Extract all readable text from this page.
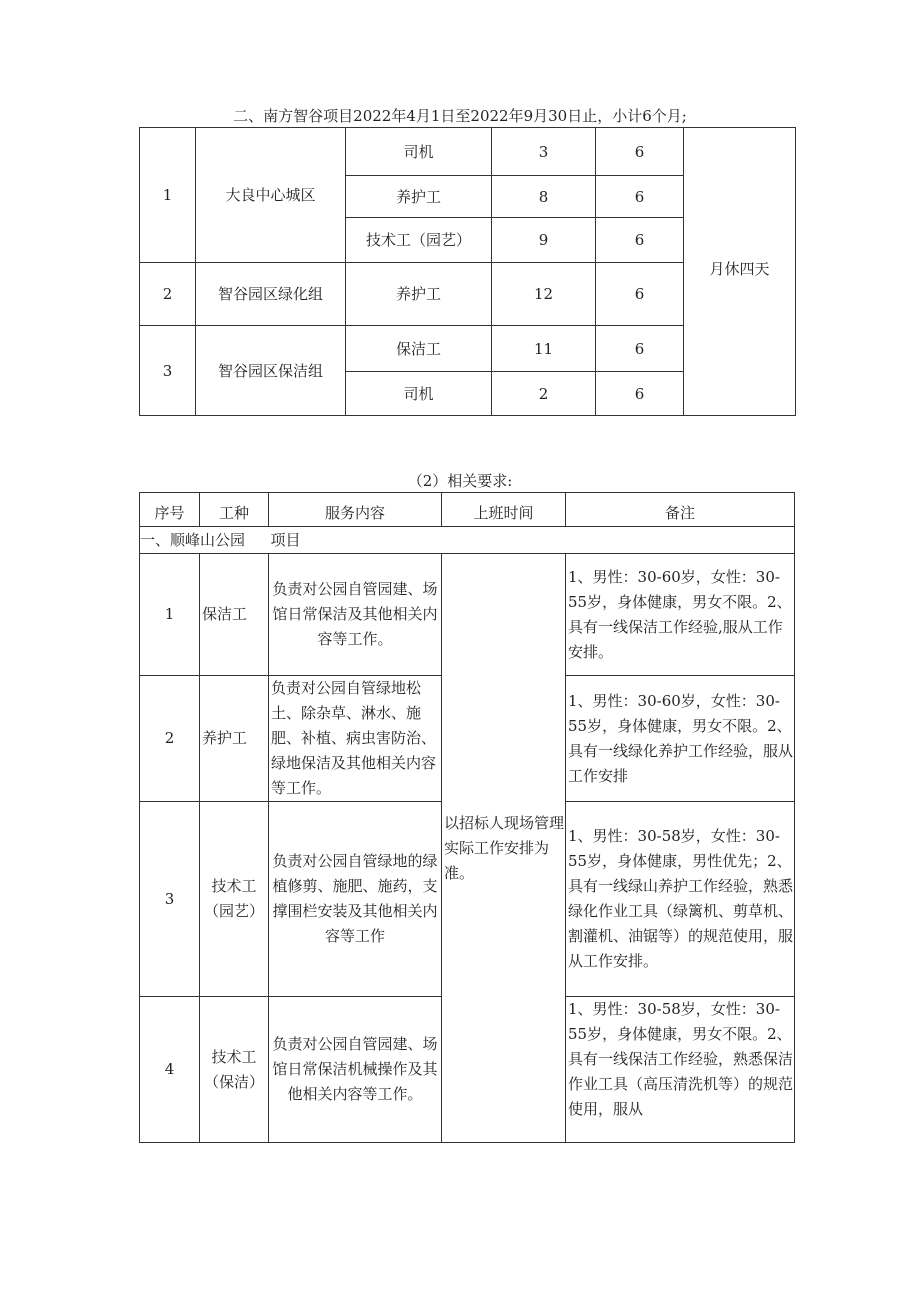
二、南方智谷项目2022年4月1日至2022年9月30日止，小计6个月;
1	大良中心城区	司机	3	6	月休四天
		养护工	8	6	
		技术工（园艺）	9	6	
2	智谷园区绿化组	养护工	12	6	
3	智谷园区保洁组	保洁工	11	6	
		司机	2	6	
（2）相关要求:
序号	工种	服务内容	上班时间	备注
一、顺峰山公园		项目		
1	保洁工	负责对公园自管园建、场馆日常保洁及其他相关内容等工作。	以招标人现场管理实际工作安排为准。	1、男性：30-60岁，女性：30-55岁，身体健康，男女不限。2、具有一线保洁工作经验,服从工作安排。
2	养护工	负责对公园自管绿地松土、除杂草、淋水、施肥、补植、病虫害防治、绿地保洁及其他相关内容等工作。		1、男性：30-60岁，女性：30-55岁，身体健康，男女不限。2、具有一线绿化养护工作经验，服从工作安排
3	技术工（园艺）	负责对公园自管绿地的绿植修剪、施肥、施药，支撑围栏安装及其他相关内容等工作		1、男性：30-58岁，女性：30-55岁，身体健康，男性优先；2、具有一线绿山养护工作经验，熟悉绿化作业工具（绿篱机、剪草机、割灌机、油锯等）的规范使用，服从工作安排。
4	技术工（保洁）	负责对公园自管园建、场馆日常保洁机械操作及其他相关内容等工作。		1、男性：30-58岁，女性：30-55岁，身体健康，男女不限。2、具有一线保洁工作经验，熟悉保洁作业工具（高压清洗机等）的规范使用，服从
